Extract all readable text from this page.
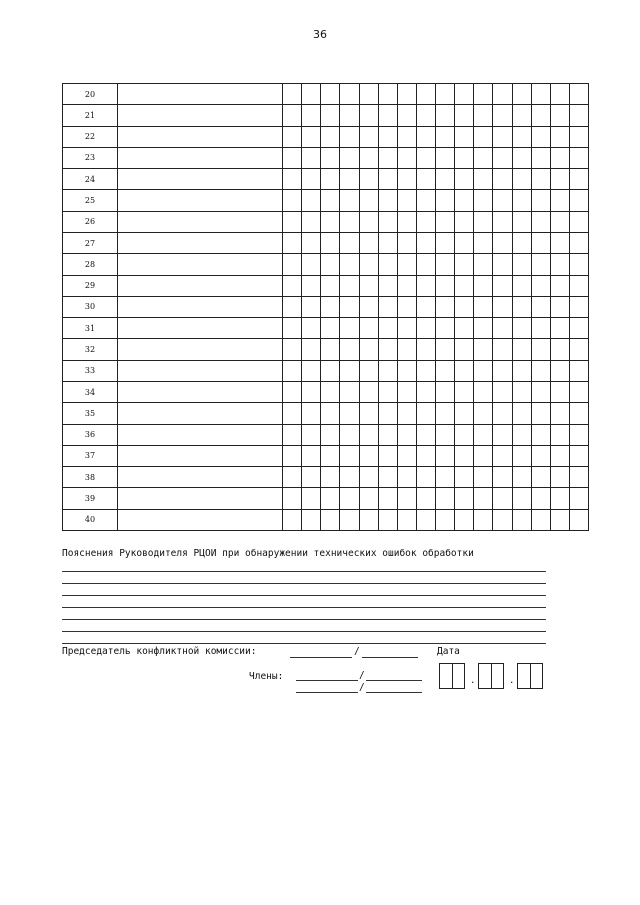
36
20																	
21																	
22																	
23																	
24																	
25																	
26																	
27																	
28																	
29																	
30																	
31																	
32																	
33																	
34																	
35																	
36																	
37																	
38																	
39																	
40																	
Пояснения Руководителя РЦОИ при обнаружении технических ошибок обработки
Председатель конфликтной комиссии:	/	Дата
.	.
Члены:	/
/
